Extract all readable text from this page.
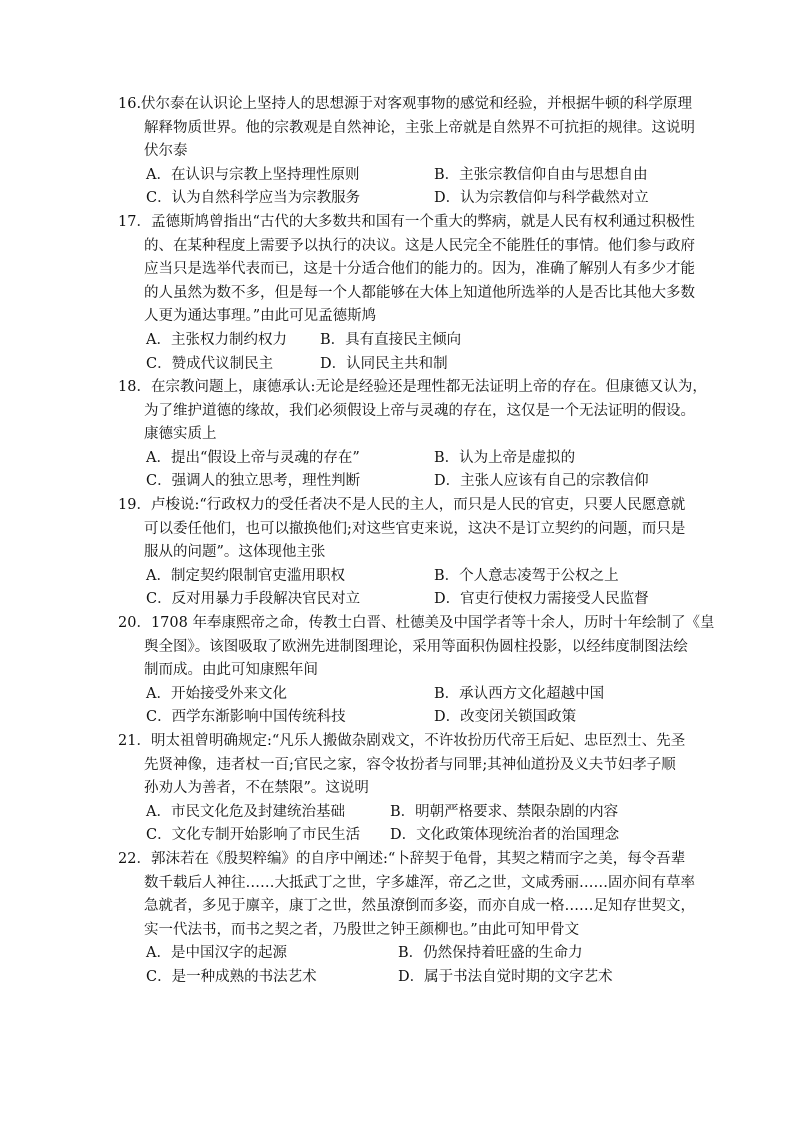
16.伏尔泰在认识论上坚持人的思想源于对客观事物的感觉和经验，并根据牛顿的科学原理
解释物质世界。他的宗教观是自然神论，主张上帝就是自然界不可抗拒的规律。这说明
伏尔泰
A．在认识与宗教上坚持理性原则	B．主张宗教信仰自由与思想自由
C．认为自然科学应当为宗教服务	D．认为宗教信仰与科学截然对立
17．孟德斯鸠曾指出“古代的大多数共和国有一个重大的弊病，就是人民有权利通过积极性
的、在某种程度上需要予以执行的决议。这是人民完全不能胜任的事情。他们参与政府
应当只是选举代表而已，这是十分适合他们的能力的。因为，准确了解别人有多少才能
的人虽然为数不多，但是每一个人都能够在大体上知道他所选举的人是否比其他大多数
人更为通达事理。”由此可见孟德斯鸠
A．主张权力制约权力 B．具有直接民主倾向
C．赞成代议制民主	D．认同民主共和制
18．在宗教问题上，康德承认:无论是经验还是理性都无法证明上帝的存在。但康德又认为，
为了维护道德的缘故，我们必须假设上帝与灵魂的存在，这仅是一个无法证明的假设。
康德实质上
A．提出“假设上帝与灵魂的存在”	B．认为上帝是虚拟的
C．强调人的独立思考，理性判断	D．主张人应该有自己的宗教信仰
19．卢梭说:“行政权力的受任者决不是人民的主人，而只是人民的官吏，只要人民愿意就
可以委任他们，也可以撤换他们;对这些官吏来说，这决不是订立契约的问题，而只是
服从的问题”。这体现他主张
A．制定契约限制官吏滥用职权	B．个人意志凌驾于公权之上
C．反对用暴力手段解决官民对立	D．官吏行使权力需接受人民监督
20．1708 年奉康熙帝之命，传教士白晋、杜德美及中国学者等十余人，历时十年绘制了《皇
舆全图》。该图吸取了欧洲先进制图理论，采用等面积伪圆柱投影，以经纬度制图法绘
制而成。由此可知康熙年间
A．开始接受外来文化	B．承认西方文化超越中国
C．西学东渐影响中国传统科技	D．改变闭关锁国政策
21．明太祖曾明确规定:“凡乐人搬做杂剧戏文，不许妆扮历代帝王后妃、忠臣烈士、先圣
先贤神像，违者杖一百;官民之家，容令妆扮者与同罪;其神仙道扮及义夫节妇孝子顺
孙劝人为善者，不在禁限”。这说明
A．市民文化危及封建统治基础	B．明朝严格要求、禁限杂剧的内容
C．文化专制开始影响了市民生活 D．文化政策体现统治者的治国理念
22．郭沫若在《殷契粹编》的自序中阐述:“卜辞契于龟骨，其契之精而字之美，每令吾辈
数千载后人神往……大抵武丁之世，字多雄浑，帝乙之世，文咸秀丽……固亦间有草率
急就者，多见于廪辛，康丁之世，然虽潦倒而多姿，而亦自成一格……足知存世契文，
实一代法书，而书之契之者，乃殷世之钟王颜柳也。”由此可知甲骨文
A．是中国汉字的起源	B．仍然保持着旺盛的生命力
C．是一种成熟的书法艺术	D．属于书法自觉时期的文字艺术
